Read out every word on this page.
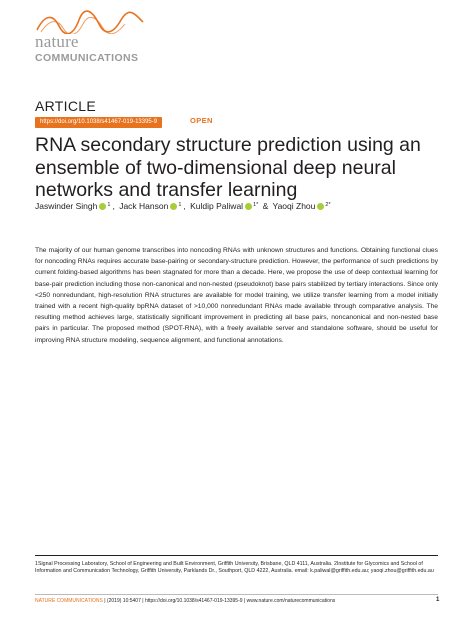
nature
COMMUNICATIONS
ARTICLE
https://doi.org/10.1038/s41467-019-13395-9	OPEN
RNA secondary structure prediction using an ensemble of two-dimensional deep neural networks and transfer learning
Jaswinder Singh $^1$ , Jack Hanson $^1$ , Kuldip Paliwal $^{1*}$ & Yaoqi Zhou $^{2*}$

The majority of our human genome transcribes into noncoding RNAs with unknown structures and functions. Obtaining functional clues for noncoding RNAs requires accurate base-pairing or secondary-structure prediction. However, the performance of such predictions by current folding-based algorithms has been stagnated for more than a decade. Here, we propose the use of deep contextual learning for base-pair prediction including those non-canonical and non-nested (pseudoknot) base pairs stabilized by tertiary interactions. Since only <250 nonredundant, high-resolution RNA structures are available for model training, we utilize transfer learning from a model initially trained with a recent high-quality bpRNA dataset of >10,000 nonredundant RNAs made available through comparative analysis. The resulting method achieves large, statistically significant improvement in predicting all base pairs, noncanonical and non-nested base pairs in particular. The proposed method (SPOT-RNA), with a freely available server and standalone software, should be useful for improving RNA structure modeling, sequence alignment, and functional annotations.

1Signal Processing Laboratory, School of Engineering and Built Environment, Griffith University, Brisbane, QLD 4111, Australia. 2Institute for Glycomics and School of Information and Communication Technology, Griffith University, Parklands Dr., Southport, QLD 4222, Australia. email: k.paliwal@griffith.edu.au; yaoqi.zhou@griffith.edu.au

NATURE COMMUNICATIONS | (2019) 10:5407 | https://doi.org/10.1038/s41467-019-13395-9 | www.nature.com/naturecommunications	1
